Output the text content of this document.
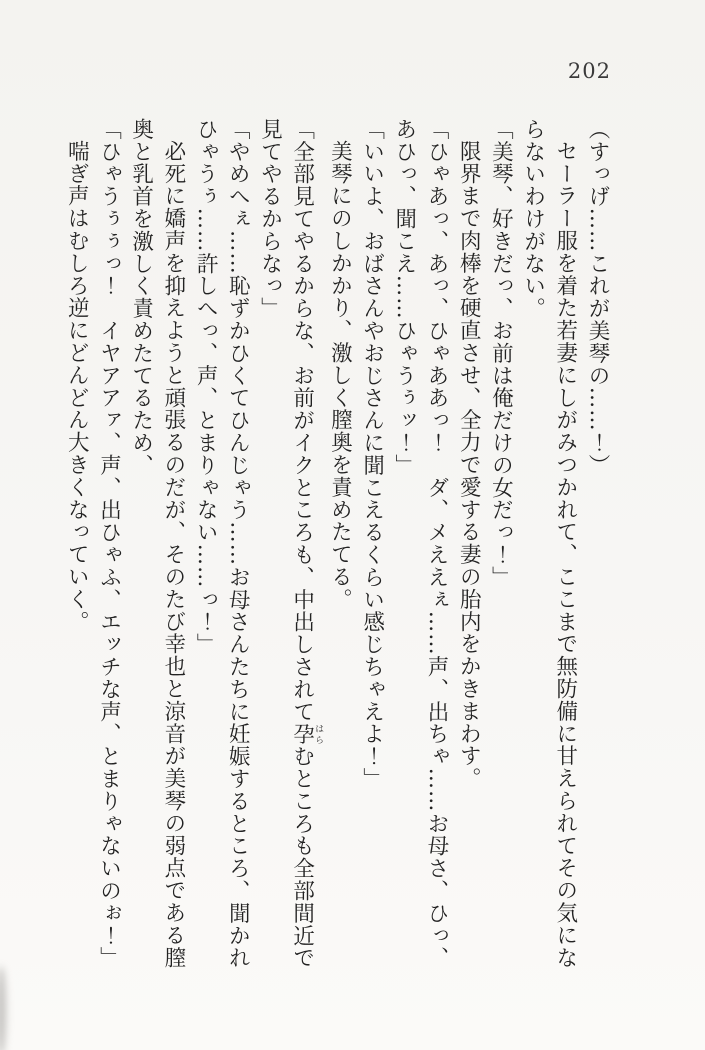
202
（すっげ……これが美琴の……！）
セーラー服を着た若妻にしがみつかれて、ここまで無防備に甘えられてその気にな
らないわけがない。
「美琴、好きだっ、お前は俺だけの女だっ！」
限界まで肉棒を硬直させ、全力で愛する妻の胎内をかきまわす。
「ひゃあっ、あっ、ひゃああっ！　ダ、メええぇ……声、出ちゃ……お母さ、ひっ、
あひっ、聞こえ……ひゃうぅッ！」
「いいよ、おばさんやおじさんに聞こえるくらい感じちゃえよ！」
美琴にのしかかり、激しく膣奥を責めたてる。
「全部見てやるからな、お前がイクところも、中出しされて孕はらむところも全部間近で
見てやるからなっ」
「やめへぇ……恥ずかひくてひんじゃう……お母さんたちに妊娠するところ、聞かれ
ひゃうぅ……許しへっ、声、とまりゃない……っ！」
必死に嬌声を抑えようと頑張るのだが、そのたび幸也と涼音が美琴の弱点である膣
奥と乳首を激しく責めたてるため、
「ひゃうぅぅっ！　イヤアアァ、声、出ひゃふ、エッチな声、とまりゃないのぉ！」
喘ぎ声はむしろ逆にどんどん大きくなっていく。
